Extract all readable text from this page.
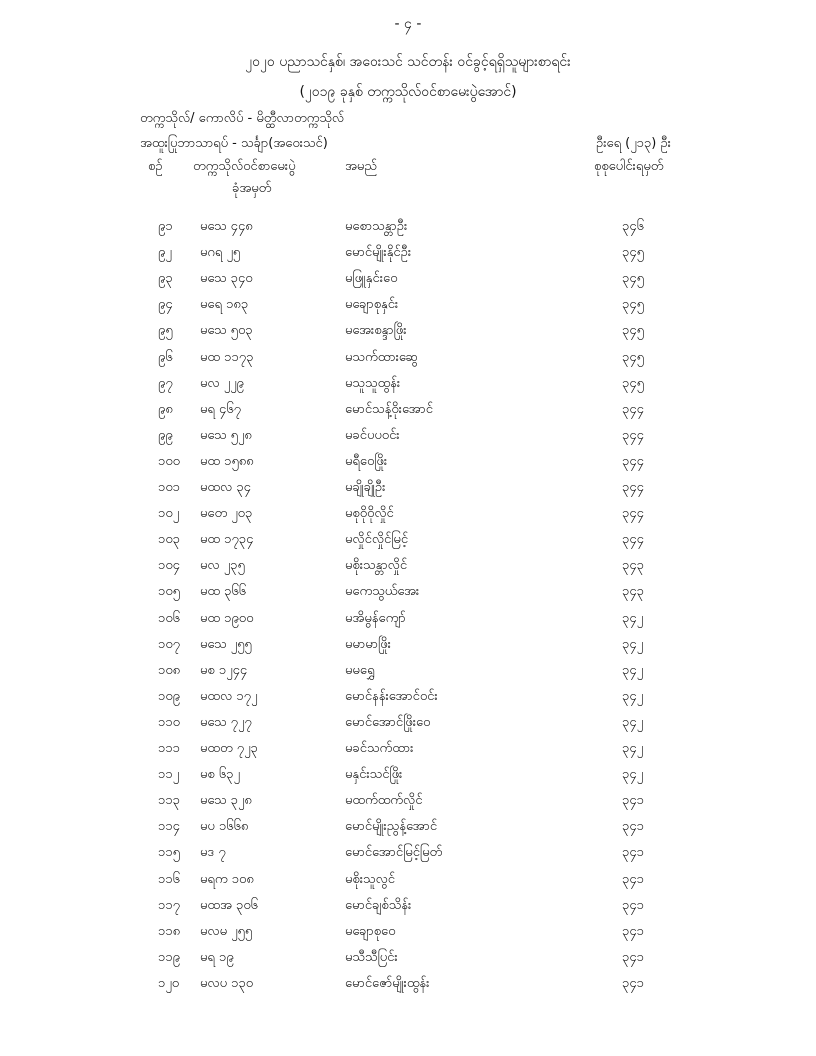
- ၄ -
၂၀၂၀ ပညာသင်နှစ်၊ အဝေးသင် သင်တန်း ဝင်ခွင့်ရရှိသူများစာရင်း
(၂၀၁၉ ခုနှစ် တက္ကသိုလ်ဝင်စာမေးပွဲအောင်)
တက္ကသိုလ်/ ကောလိပ် - မိတ္ထီလာတက္ကသိုလ်
အထူးပြုဘာသာရပ် - သင်္ချာ(အဝေးသင်)	ဦးရေ (၂၁၃) ဦး
စဉ် တက္ကသိုလ်ဝင်စာမေးပွဲ
ခုံအမှတ်
အမည်	စုစုပေါင်းရမှတ်
၉၁ မသေ ၄၄၈	မစောသန္တာဦး	၃၄၆
၉၂ မဂရ ၂၅	မောင်မျိုးနိုင်ဦး	၃၄၅
၉၃ မသေ ၃၄၀	မဖြူနှင်းဝေ	၃၄၅
၉၄ မရေ ၁၈၃	မချောစုနှင်း	၃၄၅
၉၅ မသေ ၅၀၃	မအေးစန္ဒာဖြိုး	၃၄၅
၉၆ မထ ၁၁၇၃	မသက်ထားဆွေ	၃၄၅
၉၇ မလ ၂၂၉	မသူသူထွန်း	၃၄၅
၉၈ မရ ၄၆၇	မောင်သန့်ဝိုးအောင်	၃၄၄
၉၉ မသေ ၅၂၈	မခင်ပပဝင်း	၃၄၄
၁၀၀ မထ ၁၅၈၈	မရီဝေဖြိုး	၃၄၄
၁၀၁ မထလ ၃၄	မချိုချိုဦး	၃၄၄
၁၀၂ မတေ ၂၀၃	မစုဝိုဝိုလှိုင်	၃၄၄
၁၀၃ မထ ၁၇၃၄	မလှိုင်လှိုင်မြင့်	၃၄၄
၁၀၄ မလ ၂၃၅	မစိုးသန္တာလှိုင်	၃၄၃
၁၀၅ မထ ၃၆၆	မကေသွယ်အေး	၃၄၃
၁၀၆ မထ ၁၉၀၀	မအိမွန်ကျော်	၃၄၂
၁၀၇ မသေ ၂၅၅	မမာမာဖြိုး	၃၄၂
၁၀၈ မစ ၁၂၄၄	မမရွှေ	၃၄၂
၁၀၉ မထလ ၁၇၂	မောင်နန်းအောင်ဝင်း	၃၄၂
၁၁၀ မသေ ၇၂၇	မောင်အောင်ဖြိုးဝေ	၃၄၂
၁၁၁ မထတ ၇၂၃	မခင်သက်ထား	၃၄၂
၁၁၂ မစ ၆၃၂	မနှင်းသင်ဖြိုး	၃၄၂
၁၁၃ မသေ ၃၂၈	မထက်ထက်လှိုင်	၃၄၁
၁၁၄ မပ ၁၆၆၈	မောင်မျိုးညွန့်အောင်	၃၄၁
၁၁၅ မဒ ၇	မောင်အောင်မြင့်မြတ်	၃၄၁
၁၁၆ မရက ၁၀၈	မစိုးသူလွင်	၃၄၁
၁၁၇ မထအ ၃၀၆	မောင်ချစ်သိန်း	၃၄၁
၁၁၈ မလမ ၂၅၅	မချောစုဝေ	၃၄၁
၁၁၉ မရ ၁၉	မသီသီပြင်း	၃၄၁
၁၂၀ မလပ ၁၃၀	မောင်ဇော်မျိုးထွန်း	၃၄၁
